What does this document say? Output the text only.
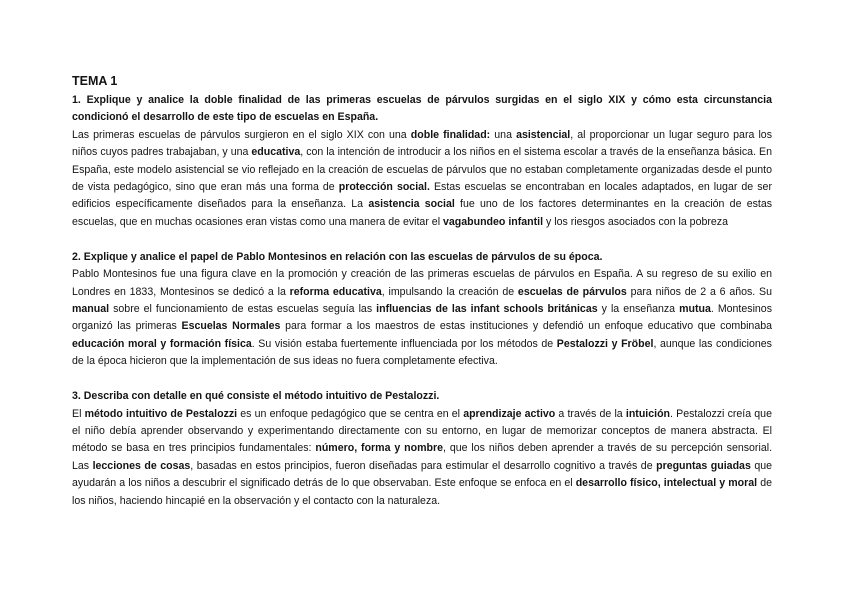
TEMA 1

1. Explique y analice la doble finalidad de las primeras escuelas de párvulos surgidas en el siglo XIX y cómo esta circunstancia condicionó el desarrollo de este tipo de escuelas en España.

Las primeras escuelas de párvulos surgieron en el siglo XIX con una doble finalidad: una asistencial, al proporcionar un lugar seguro para los niños cuyos padres trabajaban, y una educativa, con la intención de introducir a los niños en el sistema escolar a través de la enseñanza básica. En España, este modelo asistencial se vio reflejado en la creación de escuelas de párvulos que no estaban completamente organizadas desde el punto de vista pedagógico, sino que eran más una forma de protección social. Estas escuelas se encontraban en locales adaptados, en lugar de ser edificios específicamente diseñados para la enseñanza. La asistencia social fue uno de los factores determinantes en la creación de estas escuelas, que en muchas ocasiones eran vistas como una manera de evitar el vagabundeo infantil y los riesgos asociados con la pobreza

2. Explique y analice el papel de Pablo Montesinos en relación con las escuelas de párvulos de su época.

Pablo Montesinos fue una figura clave en la promoción y creación de las primeras escuelas de párvulos en España. A su regreso de su exilio en Londres en 1833, Montesinos se dedicó a la reforma educativa, impulsando la creación de escuelas de párvulos para niños de 2 a 6 años. Su manual sobre el funcionamiento de estas escuelas seguía las influencias de las infant schools británicas y la enseñanza mutua. Montesinos organizó las primeras Escuelas Normales para formar a los maestros de estas instituciones y defendió un enfoque educativo que combinaba educación moral y formación física. Su visión estaba fuertemente influenciada por los métodos de Pestalozzi y Fröbel, aunque las condiciones de la época hicieron que la implementación de sus ideas no fuera completamente efectiva.

3. Describa con detalle en qué consiste el método intuitivo de Pestalozzi.

El método intuitivo de Pestalozzi es un enfoque pedagógico que se centra en el aprendizaje activo a través de la intuición. Pestalozzi creía que el niño debía aprender observando y experimentando directamente con su entorno, en lugar de memorizar conceptos de manera abstracta. El método se basa en tres principios fundamentales: número, forma y nombre, que los niños deben aprender a través de su percepción sensorial. Las lecciones de cosas, basadas en estos principios, fueron diseñadas para estimular el desarrollo cognitivo a través de preguntas guiadas que ayudarán a los niños a descubrir el significado detrás de lo que observaban. Este enfoque se enfoca en el desarrollo físico, intelectual y moral de los niños, haciendo hincapié en la observación y el contacto con la naturaleza.
